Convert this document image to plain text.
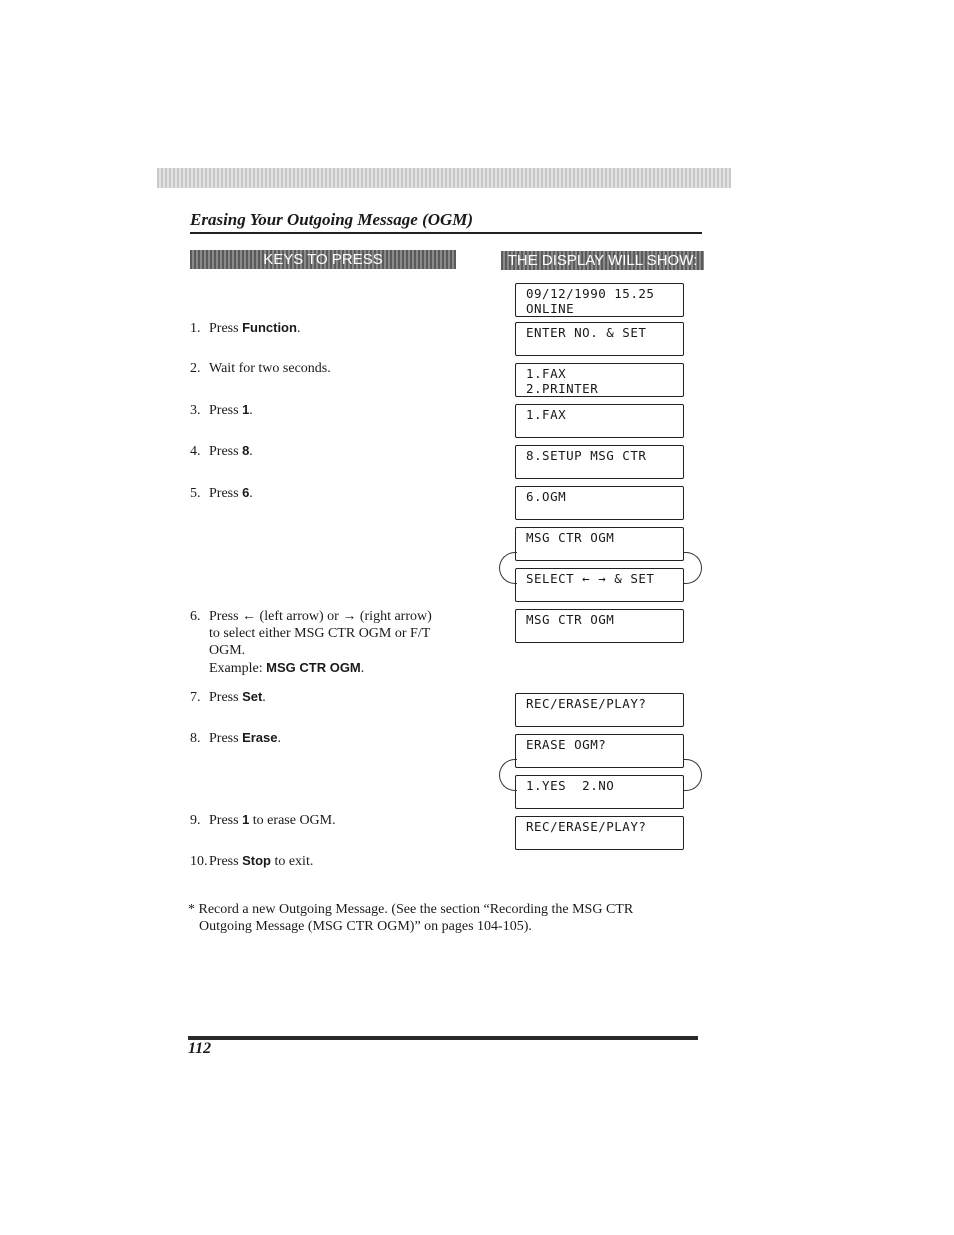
Erasing Your Outgoing Message (OGM)
KEYS TO PRESS	THE DISPLAY WILL SHOW:
1. Press Function.
2. Wait for two seconds.
3. Press 1.
4. Press 8.
5. Press 6.
6. Press ← (left arrow) or → (right arrow)
to select either MSG CTR OGM or F/T
OGM.
Example: MSG CTR OGM.
7. Press Set.
8. Press Erase.
9. Press 1 to erase OGM.
10. Press Stop to exit.
09/12/1990 15.25
ONLINE
ENTER NO. & SET
1.FAX
2.PRINTER
1.FAX
8.SETUP MSG CTR
6.OGM
MSG CTR OGM
SELECT ← → & SET
MSG CTR OGM
REC/ERASE/PLAY?
ERASE OGM?
1.YES  2.NO
REC/ERASE/PLAY?
* Record a new Outgoing Message. (See the section “Recording the MSG CTR
Outgoing Message (MSG CTR OGM)” on pages 104-105).
112
